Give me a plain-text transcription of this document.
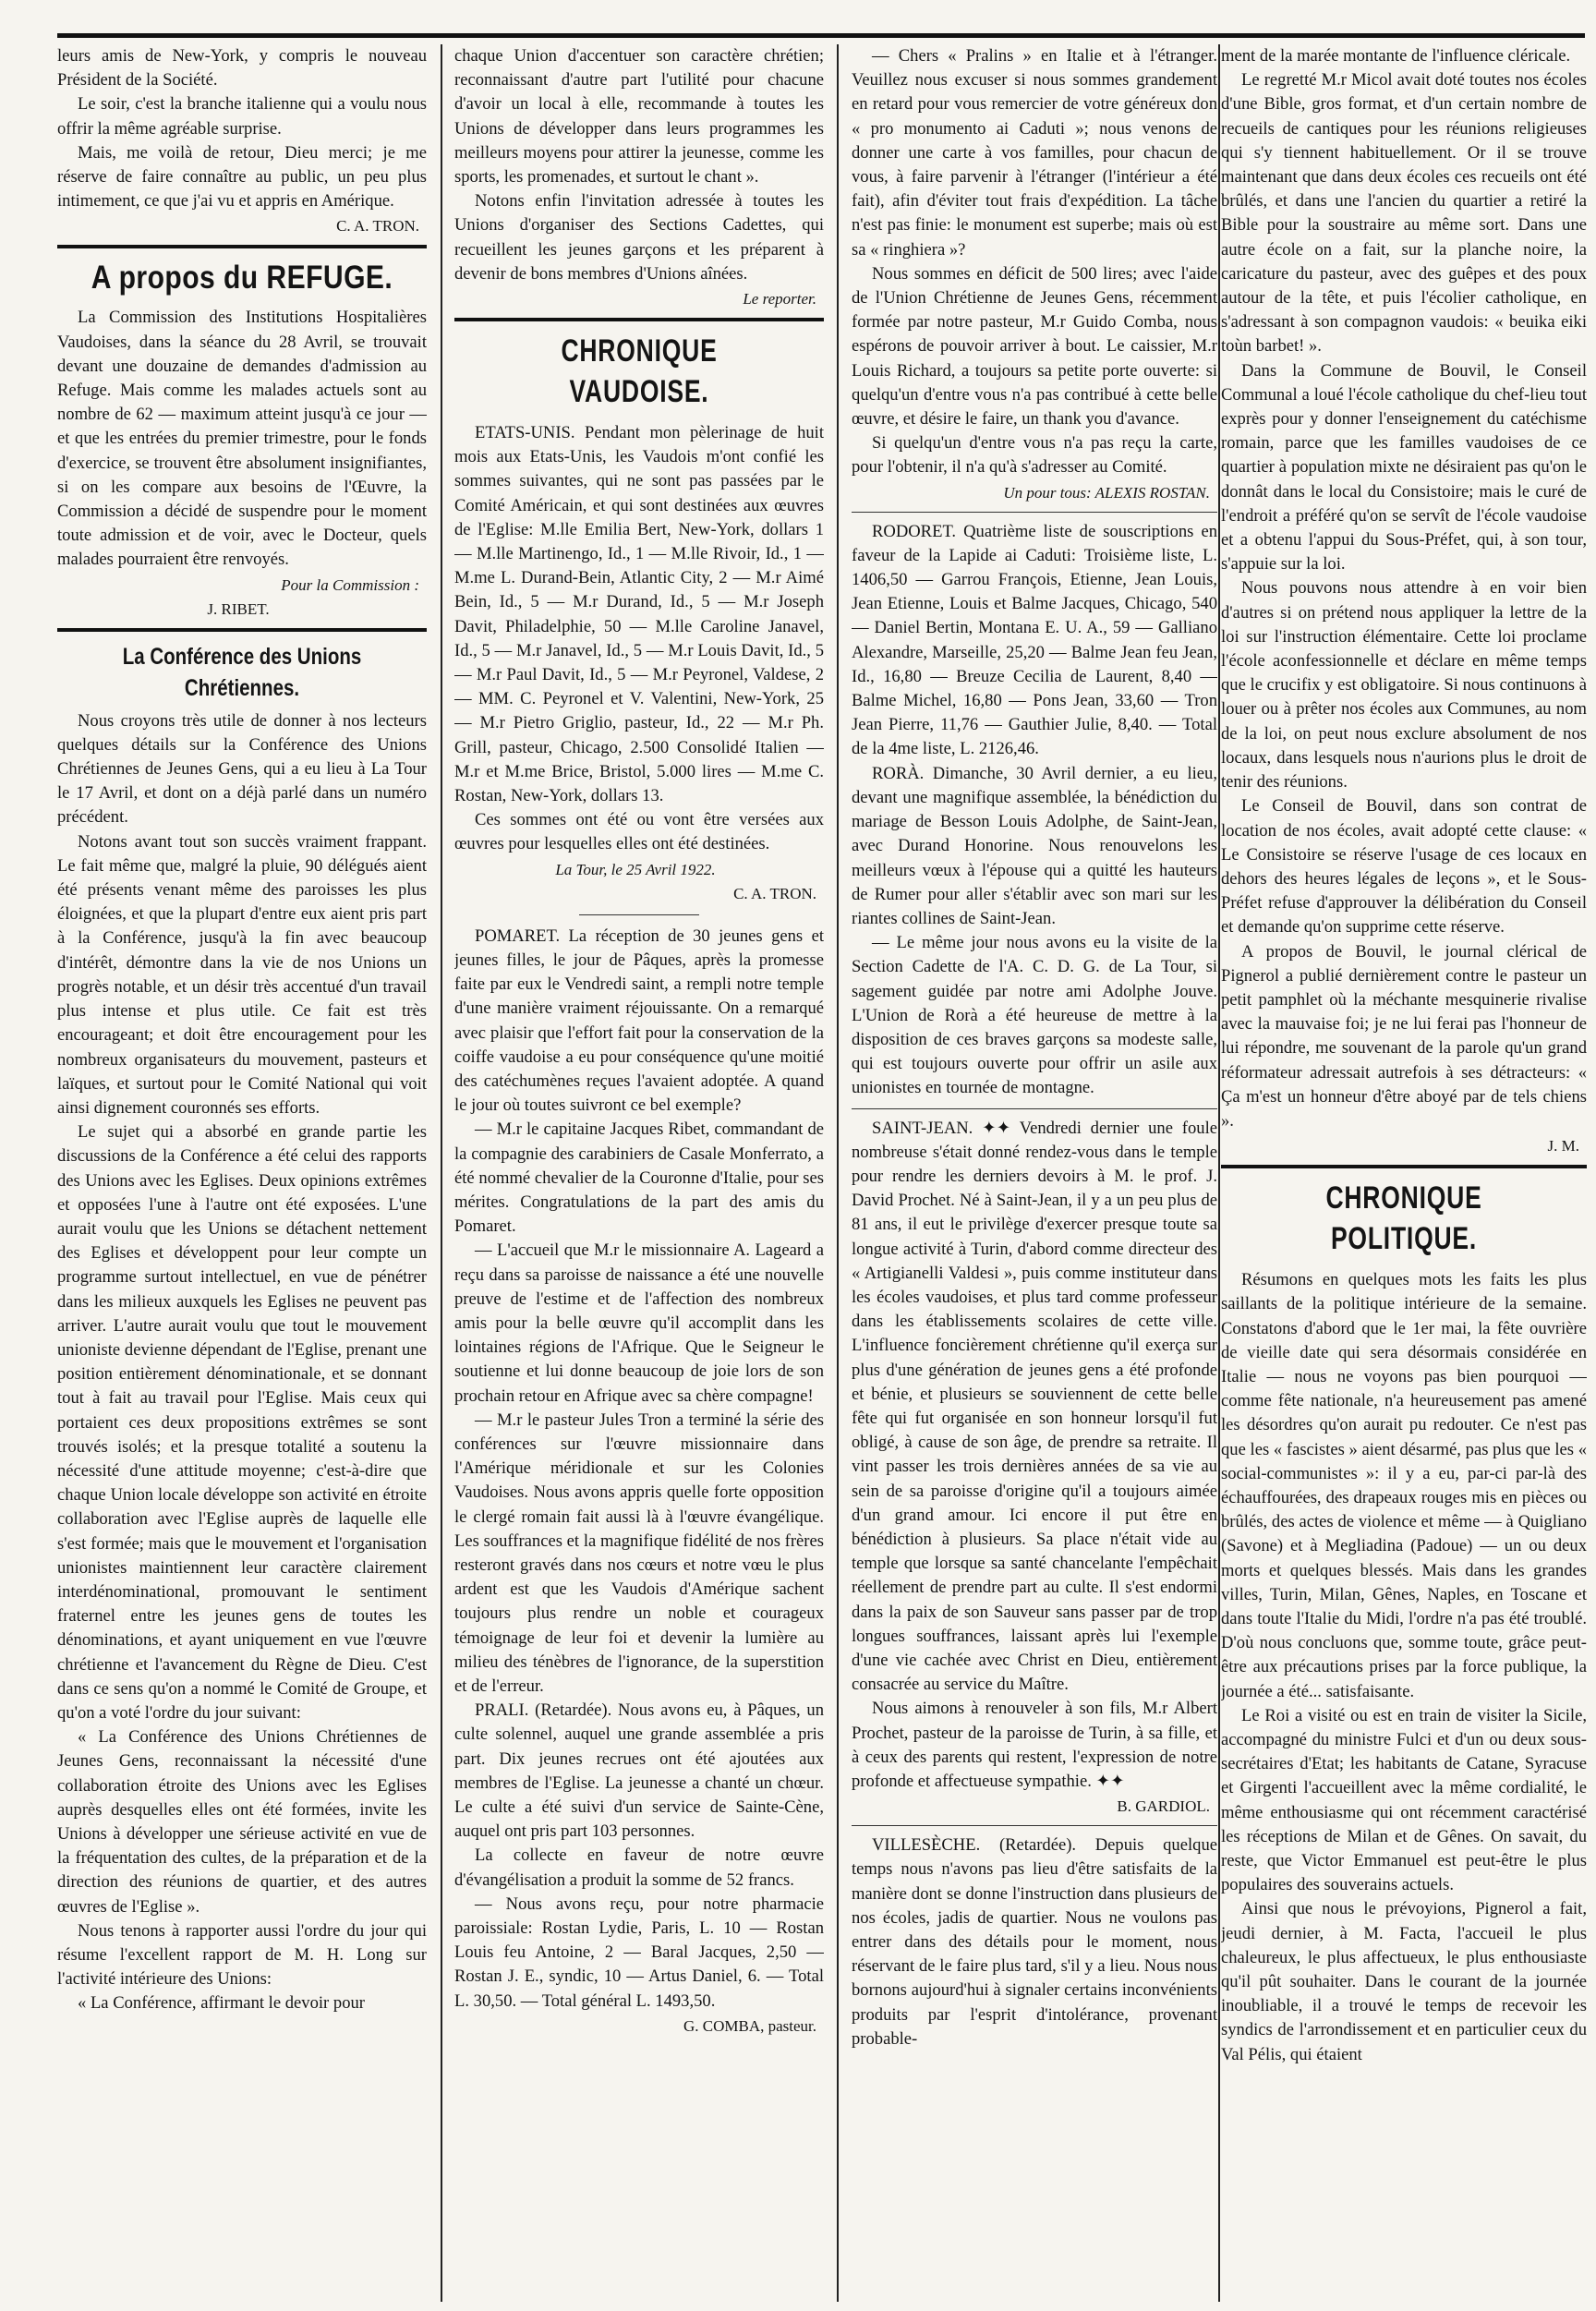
leurs amis de New-York, y compris le nouveau Président de la Société.

Le soir, c'est la branche italienne qui a voulu nous offrir la même agréable surprise.

Mais, me voilà de retour, Dieu merci; je me réserve de faire connaître au public, un peu plus intimement, ce que j'ai vu et appris en Amérique.

C. A. TRON.
A propos du REFUGE.

La Commission des Institutions Hospitalières Vaudoises, dans la séance du 28 Avril, se trouvait devant une douzaine de demandes d'admission au Refuge. Mais comme les malades actuels sont au nombre de 62 — maximum atteint jusqu'à ce jour — et que les entrées du premier trimestre, pour le fonds d'exercice, se trouvent être absolument insignifiantes, si on les compare aux besoins de l'Œuvre, la Commission a décidé de suspendre pour le moment toute admission et de voir, avec le Docteur, quels malades pourraient être renvoyés.

Pour la Commission :
J. RIBET.
La Conférence des Unions Chrétiennes.

Nous croyons très utile de donner à nos lecteurs quelques détails sur la Conférence des Unions Chrétiennes de Jeunes Gens, qui a eu lieu à La Tour le 17 Avril, et dont on a déjà parlé dans un numéro précédent.

Notons avant tout son succès vraiment frappant. Le fait même que, malgré la pluie, 90 délégués aient été présents venant même des paroisses les plus éloignées, et que la plupart d'entre eux aient pris part à la Conférence, jusqu'à la fin avec beaucoup d'intérêt, démontre dans la vie de nos Unions un progrès notable, et un désir très accentué d'un travail plus intense et plus utile. Ce fait est très encourageant; et doit être encouragement pour les nombreux organisateurs du mouvement, pasteurs et laïques, et surtout pour le Comité National qui voit ainsi dignement couronnés ses efforts.

Le sujet qui a absorbé en grande partie les discussions de la Conférence a été celui des rapports des Unions avec les Eglises. Deux opinions extrêmes et opposées l'une à l'autre ont été exposées. L'une aurait voulu que les Unions se détachent nettement des Eglises et développent pour leur compte un programme surtout intellectuel, en vue de pénétrer dans les milieux auxquels les Eglises ne peuvent pas arriver. L'autre aurait voulu que tout le mouvement unioniste devienne dépendant de l'Eglise, prenant une position entièrement dénominationale, et se donnant tout à fait au travail pour l'Eglise. Mais ceux qui portaient ces deux propositions extrêmes se sont trouvés isolés; et la presque totalité a soutenu la nécessité d'une attitude moyenne; c'est-à-dire que chaque Union locale développe son activité en étroite collaboration avec l'Eglise auprès de laquelle elle s'est formée; mais que le mouvement et l'organisation unionistes maintiennent leur caractère clairement interdénominational, promouvant le sentiment fraternel entre les jeunes gens de toutes les dénominations, et ayant uniquement en vue l'œuvre chrétienne et l'avancement du Règne de Dieu. C'est dans ce sens qu'on a nommé le Comité de Groupe, et qu'on a voté l'ordre du jour suivant:

« La Conférence des Unions Chrétiennes de Jeunes Gens, reconnaissant la nécessité d'une collaboration étroite des Unions avec les Eglises auprès desquelles elles ont été formées, invite les Unions à développer une sérieuse activité en vue de la fréquentation des cultes, de la préparation et de la direction des réunions de quartier, et des autres œuvres de l'Eglise ».

Nous tenons à rapporter aussi l'ordre du jour qui résume l'excellent rapport de M. H. Long sur l'activité intérieure des Unions:

« La Conférence, affirmant le devoir pour

chaque Union d'accentuer son caractère chrétien; reconnaissant d'autre part l'utilité pour chacune d'avoir un local à elle, recommande à toutes les Unions de développer dans leurs programmes les meilleurs moyens pour attirer la jeunesse, comme les sports, les promenades, et surtout le chant ».

Notons enfin l'invitation adressée à toutes les Unions d'organiser des Sections Cadettes, qui recueillent les jeunes garçons et les préparent à devenir de bons membres d'Unions aînées.

Le reporter.
CHRONIQUE VAUDOISE.

ETATS-UNIS. Pendant mon pèlerinage de huit mois aux Etats-Unis, les Vaudois m'ont confié les sommes suivantes, qui ne sont pas passées par le Comité Américain, et qui sont destinées aux œuvres de l'Eglise: M.lle Emilia Bert, New-York, dollars 1 — M.lle Martinengo, Id., 1 — M.lle Rivoir, Id., 1 — M.me L. Durand-Bein, Atlantic City, 2 — M.r Aimé Bein, Id., 5 — M.r Durand, Id., 5 — M.r Joseph Davit, Philadelphie, 50 — M.lle Caroline Janavel, Id., 5 — M.r Janavel, Id., 5 — M.r Louis Davit, Id., 5 — M.r Paul Davit, Id., 5 — M.r Peyronel, Valdese, 2 — MM. C. Peyronel et V. Valentini, New-York, 25 — M.r Pietro Griglio, pasteur, Id., 22 — M.r Ph. Grill, pasteur, Chicago, 2.500 Consolidé Italien — M.r et M.me Brice, Bristol, 5.000 lires — M.me C. Rostan, New-York, dollars 13.

Ces sommes ont été ou vont être versées aux œuvres pour lesquelles elles ont été destinées.

La Tour, le 25 Avril 1922.
C. A. TRON.

POMARET. La réception de 30 jeunes gens et jeunes filles, le jour de Pâques, après la promesse faite par eux le Vendredi saint, a rempli notre temple d'une manière vraiment réjouissante. On a remarqué avec plaisir que l'effort fait pour la conservation de la coiffe vaudoise a eu pour conséquence qu'une moitié des catéchumènes reçues l'avaient adoptée. A quand le jour où toutes suivront ce bel exemple?

— M.r le capitaine Jacques Ribet, commandant de la compagnie des carabiniers de Casale Monferrato, a été nommé chevalier de la Couronne d'Italie, pour ses mérites. Congratulations de la part des amis du Pomaret.

— L'accueil que M.r le missionnaire A. Lageard a reçu dans sa paroisse de naissance a été une nouvelle preuve de l'estime et de l'affection des nombreux amis pour la belle œuvre qu'il accomplit dans les lointaines régions de l'Afrique. Que le Seigneur le soutienne et lui donne beaucoup de joie lors de son prochain retour en Afrique avec sa chère compagne!

— M.r le pasteur Jules Tron a terminé la série des conférences sur l'œuvre missionnaire dans l'Amérique méridionale et sur les Colonies Vaudoises. Nous avons appris quelle forte opposition le clergé romain fait aussi là à l'œuvre évangélique. Les souffrances et la magnifique fidélité de nos frères resteront gravés dans nos cœurs et notre vœu le plus ardent est que les Vaudois d'Amérique sachent toujours plus rendre un noble et courageux témoignage de leur foi et devenir la lumière au milieu des ténèbres de l'ignorance, de la superstition et de l'erreur.

PRALI. (Retardée). Nous avons eu, à Pâques, un culte solennel, auquel une grande assemblée a pris part. Dix jeunes recrues ont été ajoutées aux membres de l'Eglise. La jeunesse a chanté un chœur. Le culte a été suivi d'un service de Sainte-Cène, auquel ont pris part 103 personnes.

La collecte en faveur de notre œuvre d'évangélisation a produit la somme de 52 francs.

— Nous avons reçu, pour notre pharmacie paroissiale: Rostan Lydie, Paris, L. 10 — Rostan Louis feu Antoine, 2 — Baral Jacques, 2,50 — Rostan J. E., syndic, 10 — Artus Daniel, 6. — Total L. 30,50. — Total général L. 1493,50.

G. COMBA, pasteur.

— Chers « Pralins » en Italie et à l'étranger. Veuillez nous excuser si nous sommes grandement en retard pour vous remercier de votre généreux don « pro monumento ai Caduti »; nous venons de donner une carte à vos familles, pour chacun de vous, à faire parvenir à l'étranger (l'intérieur a été fait), afin d'éviter tout frais d'expédition. La tâche n'est pas finie: le monument est superbe; mais où est sa « ringhiera »?

Nous sommes en déficit de 500 lires; avec l'aide de l'Union Chrétienne de Jeunes Gens, récemment formée par notre pasteur, M.r Guido Comba, nous espérons de pouvoir arriver à bout. Le caissier, M.r Louis Richard, a toujours sa petite porte ouverte: si quelqu'un d'entre vous n'a pas contribué à cette belle œuvre, et désire le faire, un thank you d'avance.

Si quelqu'un d'entre vous n'a pas reçu la carte, pour l'obtenir, il n'a qu'à s'adresser au Comité.

Un pour tous: ALEXIS ROSTAN.

RODORET. Quatrième liste de souscriptions en faveur de la Lapide ai Caduti: Troisième liste, L. 1406,50 — Garrou François, Etienne, Jean Louis, Jean Etienne, Louis et Balme Jacques, Chicago, 540 — Daniel Bertin, Montana E. U. A., 59 — Galliano Alexandre, Marseille, 25,20 — Balme Jean feu Jean, Id., 16,80 — Breuze Cecilia de Laurent, 8,40 — Balme Michel, 16,80 — Pons Jean, 33,60 — Tron Jean Pierre, 11,76 — Gauthier Julie, 8,40. — Total de la 4me liste, L. 2126,46.

RORÀ. Dimanche, 30 Avril dernier, a eu lieu, devant une magnifique assemblée, la bénédiction du mariage de Besson Louis Adolphe, de Saint-Jean, avec Durand Honorine. Nous renouvelons les meilleurs vœux à l'épouse qui a quitté les hauteurs de Rumer pour aller s'établir avec son mari sur les riantes collines de Saint-Jean.

— Le même jour nous avons eu la visite de la Section Cadette de l'A. C. D. G. de La Tour, si sagement guidée par notre ami Adolphe Jouve. L'Union de Rorà a été heureuse de mettre à la disposition de ces braves garçons sa modeste salle, qui est toujours ouverte pour offrir un asile aux unionistes en tournée de montagne.

SAINT-JEAN. ✦✦ Vendredi dernier une foule nombreuse s'était donné rendez-vous dans le temple pour rendre les derniers devoirs à M. le prof. J. David Prochet. Né à Saint-Jean, il y a un peu plus de 81 ans, il eut le privilège d'exercer presque toute sa longue activité à Turin, d'abord comme directeur des « Artigianelli Valdesi », puis comme instituteur dans les écoles vaudoises, et plus tard comme professeur dans les établissements scolaires de cette ville. L'influence foncièrement chrétienne qu'il exerça sur plus d'une génération de jeunes gens a été profonde et bénie, et plusieurs se souviennent de cette belle fête qui fut organisée en son honneur lorsqu'il fut obligé, à cause de son âge, de prendre sa retraite. Il vint passer les trois dernières années de sa vie au sein de sa paroisse d'origine qu'il a toujours aimée d'un grand amour. Ici encore il put être en bénédiction à plusieurs. Sa place n'était vide au temple que lorsque sa santé chancelante l'empêchait réellement de prendre part au culte. Il s'est endormi dans la paix de son Sauveur sans passer par de trop longues souffrances, laissant après lui l'exemple d'une vie cachée avec Christ en Dieu, entièrement consacrée au service du Maître.

Nous aimons à renouveler à son fils, M.r Albert Prochet, pasteur de la paroisse de Turin, à sa fille, et à ceux des parents qui restent, l'expression de notre profonde et affectueuse sympathie. ✦✦

B. GARDIOL.

VILLESÈCHE. (Retardée). Depuis quelque temps nous n'avons pas lieu d'être satisfaits de la manière dont se donne l'instruction dans plusieurs de nos écoles, jadis de quartier. Nous ne voulons pas entrer dans des détails pour le moment, nous réservant de le faire plus tard, s'il y a lieu. Nous nous bornons aujourd'hui à signaler certains inconvénients produits par l'esprit d'intolérance, provenant probable-

ment de la marée montante de l'influence cléricale.

Le regretté M.r Micol avait doté toutes nos écoles d'une Bible, gros format, et d'un certain nombre de recueils de cantiques pour les réunions religieuses qui s'y tiennent habituellement. Or il se trouve maintenant que dans deux écoles ces recueils ont été brûlés, et dans une l'ancien du quartier a retiré la Bible pour la soustraire au même sort. Dans une autre école on a fait, sur la planche noire, la caricature du pasteur, avec des guêpes et des poux autour de la tête, et puis l'écolier catholique, en s'adressant à son compagnon vaudois: « beuika eiki toùn barbet! ».

Dans la Commune de Bouvil, le Conseil Communal a loué l'école catholique du chef-lieu tout exprès pour y donner l'enseignement du catéchisme romain, parce que les familles vaudoises de ce quartier à population mixte ne désiraient pas qu'on le donnât dans le local du Consistoire; mais le curé de l'endroit a préféré qu'on se servît de l'école vaudoise et a obtenu l'appui du Sous-Préfet, qui, à son tour, s'appuie sur la loi.

Nous pouvons nous attendre à en voir bien d'autres si on prétend nous appliquer la lettre de la loi sur l'instruction élémentaire. Cette loi proclame l'école aconfessionnelle et déclare en même temps que le crucifix y est obligatoire. Si nous continuons à louer ou à prêter nos écoles aux Communes, au nom de la loi, on peut nous exclure absolument de nos locaux, dans lesquels nous n'aurions plus le droit de tenir des réunions.

Le Conseil de Bouvil, dans son contrat de location de nos écoles, avait adopté cette clause: « Le Consistoire se réserve l'usage de ces locaux en dehors des heures légales de leçons », et le Sous-Préfet refuse d'approuver la délibération du Conseil et demande qu'on supprime cette réserve.

A propos de Bouvil, le journal clérical de Pignerol a publié dernièrement contre le pasteur un petit pamphlet où la méchante mesquinerie rivalise avec la mauvaise foi; je ne lui ferai pas l'honneur de lui répondre, me souvenant de la parole qu'un grand réformateur adressait autrefois à ses détracteurs: « Ça m'est un honneur d'être aboyé par de tels chiens ».

J. M.
CHRONIQUE POLITIQUE.

Résumons en quelques mots les faits les plus saillants de la politique intérieure de la semaine. Constatons d'abord que le 1er mai, la fête ouvrière de vieille date qui sera désormais considérée en Italie — nous ne voyons pas bien pourquoi — comme fête nationale, n'a heureusement pas amené les désordres qu'on aurait pu redouter. Ce n'est pas que les « fascistes » aient désarmé, pas plus que les « social-communistes »: il y a eu, par-ci par-là des échauffourées, des drapeaux rouges mis en pièces ou brûlés, des actes de violence et même — à Quigliano (Savone) et à Megliadina (Padoue) — un ou deux morts et quelques blessés. Mais dans les grandes villes, Turin, Milan, Gênes, Naples, en Toscane et dans toute l'Italie du Midi, l'ordre n'a pas été troublé. D'où nous concluons que, somme toute, grâce peut-être aux précautions prises par la force publique, la journée a été... satisfaisante.

Le Roi a visité ou est en train de visiter la Sicile, accompagné du ministre Fulci et d'un ou deux sous-secrétaires d'Etat; les habitants de Catane, Syracuse et Girgenti l'accueillent avec la même cordialité, le même enthousiasme qui ont récemment caractérisé les réceptions de Milan et de Gênes. On savait, du reste, que Victor Emmanuel est peut-être le plus populaires des souverains actuels.

Ainsi que nous le prévoyions, Pignerol a fait, jeudi dernier, à M. Facta, l'accueil le plus chaleureux, le plus affectueux, le plus enthousiaste qu'il pût souhaiter. Dans le courant de la journée inoubliable, il a trouvé le temps de recevoir les syndics de l'arrondissement et en particulier ceux du Val Pélis, qui étaient
